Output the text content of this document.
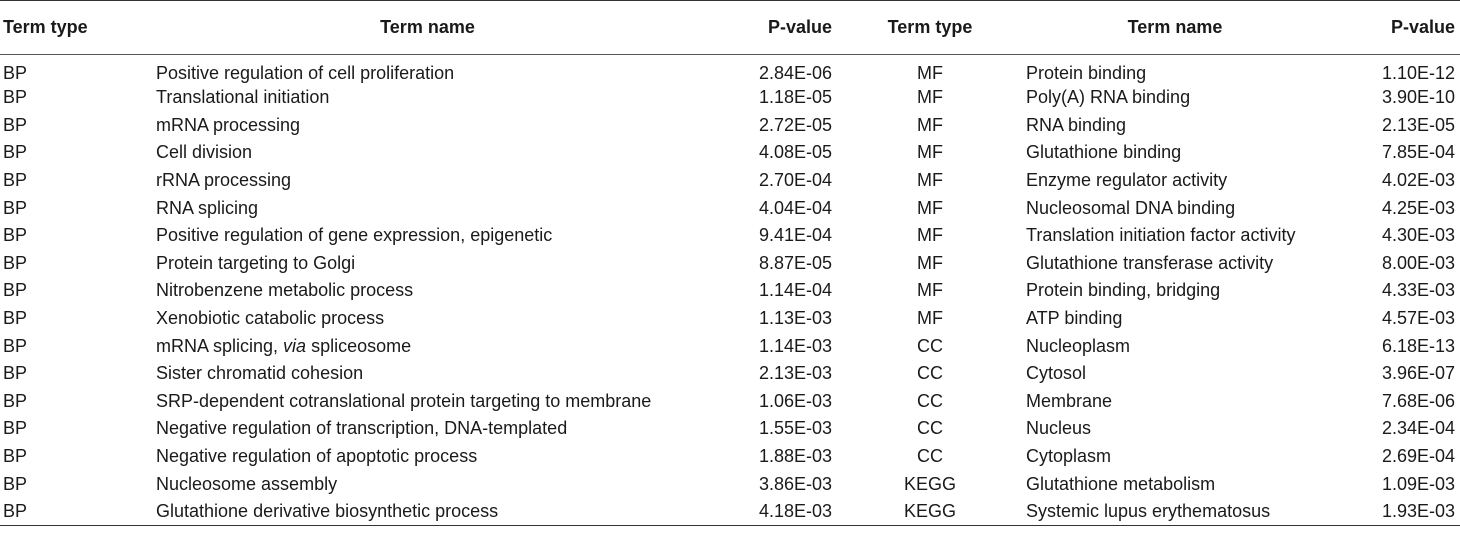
Term type	Term name	P-value	Term type	Term name	P-value
BP	Positive regulation of cell proliferation	2.84E-06	MF	Protein binding	1.10E-12
BP	Translational initiation	1.18E-05	MF	Poly(A) RNA binding	3.90E-10
BP	mRNA processing	2.72E-05	MF	RNA binding	2.13E-05
BP	Cell division	4.08E-05	MF	Glutathione binding	7.85E-04
BP	rRNA processing	2.70E-04	MF	Enzyme regulator activity	4.02E-03
BP	RNA splicing	4.04E-04	MF	Nucleosomal DNA binding	4.25E-03
BP	Positive regulation of gene expression, epigenetic	9.41E-04	MF	Translation initiation factor activity	4.30E-03
BP	Protein targeting to Golgi	8.87E-05	MF	Glutathione transferase activity	8.00E-03
BP	Nitrobenzene metabolic process	1.14E-04	MF	Protein binding, bridging	4.33E-03
BP	Xenobiotic catabolic process	1.13E-03	MF	ATP binding	4.57E-03
BP	mRNA splicing, via spliceosome	1.14E-03	CC	Nucleoplasm	6.18E-13
BP	Sister chromatid cohesion	2.13E-03	CC	Cytosol	3.96E-07
BP	SRP-dependent cotranslational protein targeting to membrane	1.06E-03	CC	Membrane	7.68E-06
BP	Negative regulation of transcription, DNA-templated	1.55E-03	CC	Nucleus	2.34E-04
BP	Negative regulation of apoptotic process	1.88E-03	CC	Cytoplasm	2.69E-04
BP	Nucleosome assembly	3.86E-03	KEGG	Glutathione metabolism	1.09E-03
BP	Glutathione derivative biosynthetic process	4.18E-03	KEGG	Systemic lupus erythematosus	1.93E-03
